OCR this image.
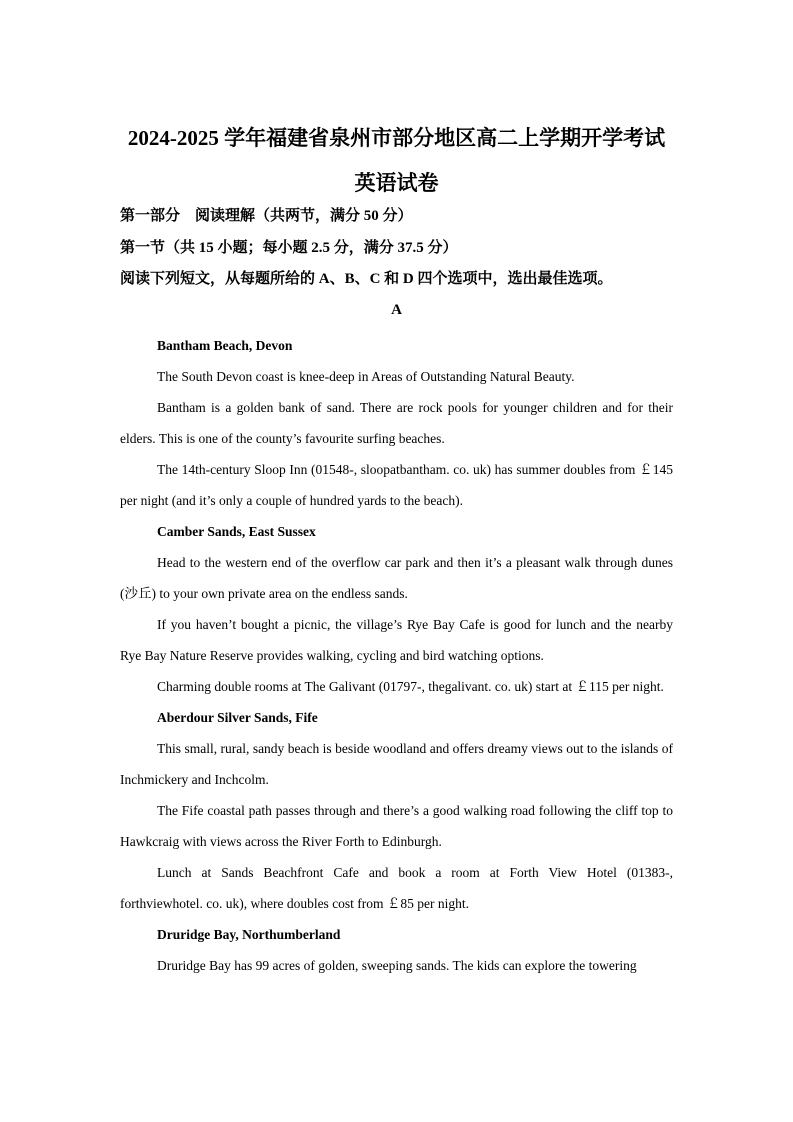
2024-2025 学年福建省泉州市部分地区高二上学期开学考试
英语试卷
第一部分　阅读理解（共两节，满分 50 分）
第一节（共 15 小题；每小题 2.5 分，满分 37.5 分）
阅读下列短文，从每题所给的 A、B、C 和 D 四个选项中，选出最佳选项。
A

Bantham Beach, Devon

The South Devon coast is knee-deep in Areas of Outstanding Natural Beauty.

Bantham is a golden bank of sand. There are rock pools for younger children and for their elders. This is one of the county’s favourite surfing beaches.

The 14th-century Sloop Inn (01548-, sloopatbantham. co. uk) has summer doubles from ￡145 per night (and it’s only a couple of hundred yards to the beach).

Camber Sands, East Sussex

Head to the western end of the overflow car park and then it’s a pleasant walk through dunes (沙丘) to your own private area on the endless sands.

If you haven’t bought a picnic, the village’s Rye Bay Cafe is good for lunch and the nearby Rye Bay Nature Reserve provides walking, cycling and bird watching options.

Charming double rooms at The Galivant (01797-, thegalivant. co. uk) start at ￡115 per night.

Aberdour Silver Sands, Fife

This small, rural, sandy beach is beside woodland and offers dreamy views out to the islands of Inchmickery and Inchcolm.

The Fife coastal path passes through and there’s a good walking road following the cliff top to Hawkcraig with views across the River Forth to Edinburgh.

Lunch at Sands Beachfront Cafe and book a room at Forth View Hotel (01383-, forthviewhotel. co. uk), where doubles cost from ￡85 per night.

Druridge Bay, Northumberland

Druridge Bay has 99 acres of golden, sweeping sands. The kids can explore the towering
